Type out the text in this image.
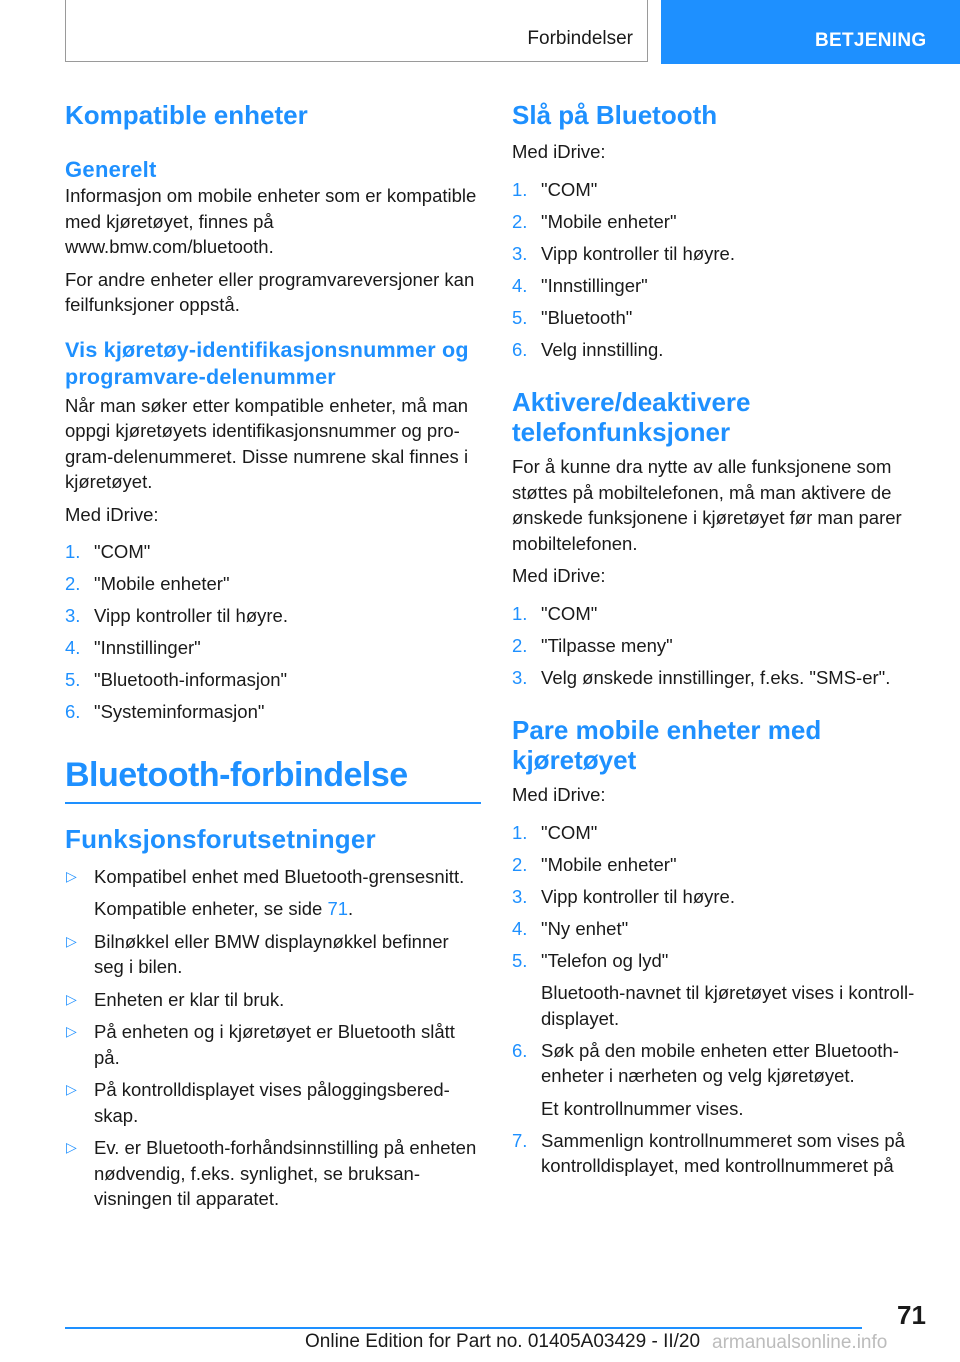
Forbindelser	BETJENING
Kompatible enheter
Generelt

Informasjon om mobile enheter som er kompatible med kjøretøyet, finnes på www.bmw.com/bluetooth.

For andre enheter eller programvareversjoner kan feilfunksjoner oppstå.

Vis kjøretøy-identifikasjonsnummer og programvare-delenummer

Når man søker etter kompatible enheter, må man oppgi kjøretøyets identifikasjonsnummer og program-delenummeret. Disse numrene skal finnes i kjøretøyet.

Med iDrive:

1. "COM"
2. "Mobile enheter"
3. Vipp kontroller til høyre.
4. "Innstillinger"
5. "Bluetooth-informasjon"
6. "Systeminformasjon"
Bluetooth-forbindelse
Funksjonsforutsetninger
▷ Kompatibel enhet med Bluetooth-grensesnitt.

Kompatible enheter, se side 71.

▷ Bilnøkkel eller BMW displaynøkkel befinner seg i bilen.

▷ Enheten er klar til bruk.

▷ På enheten og i kjøretøyet er Bluetooth slått på.

▷ På kontrolldisplayet vises påloggingsberedskap.

▷ Ev. er Bluetooth-forhåndsinnstilling på enheten nødvendig, f.eks. synlighet, se bruksanvisningen til apparatet.

Slå på Bluetooth

Med iDrive:

1. "COM"
2. "Mobile enheter"
3. Vipp kontroller til høyre.
4. "Innstillinger"
5. "Bluetooth"
6. Velg innstilling.
Aktivere/deaktivere telefonfunksjoner

For å kunne dra nytte av alle funksjonene som støttes på mobiltelefonen, må man aktivere de ønskede funksjonene i kjøretøyet før man parer mobiltelefonen.

Med iDrive:

1. "COM"
2. "Tilpasse meny"
3. Velg ønskede innstillinger, f.eks. "SMS-er".
Pare mobile enheter med kjøretøyet

Med iDrive:

1. "COM"
2. "Mobile enheter"
3. Vipp kontroller til høyre.
4. "Ny enhet"
5. "Telefon og lyd"

Bluetooth-navnet til kjøretøyet vises i kontrolldisplayet.

6. Søk på den mobile enheten etter Bluetooth-enheter i nærheten og velg kjøretøyet.

Et kontrollnummer vises.

7. Sammenlign kontrollnummeret som vises på kontrolldisplayet, med kontrollnummeret på

71
Online Edition for Part no. 01405A03429 - II/20 armanualsonline.info
